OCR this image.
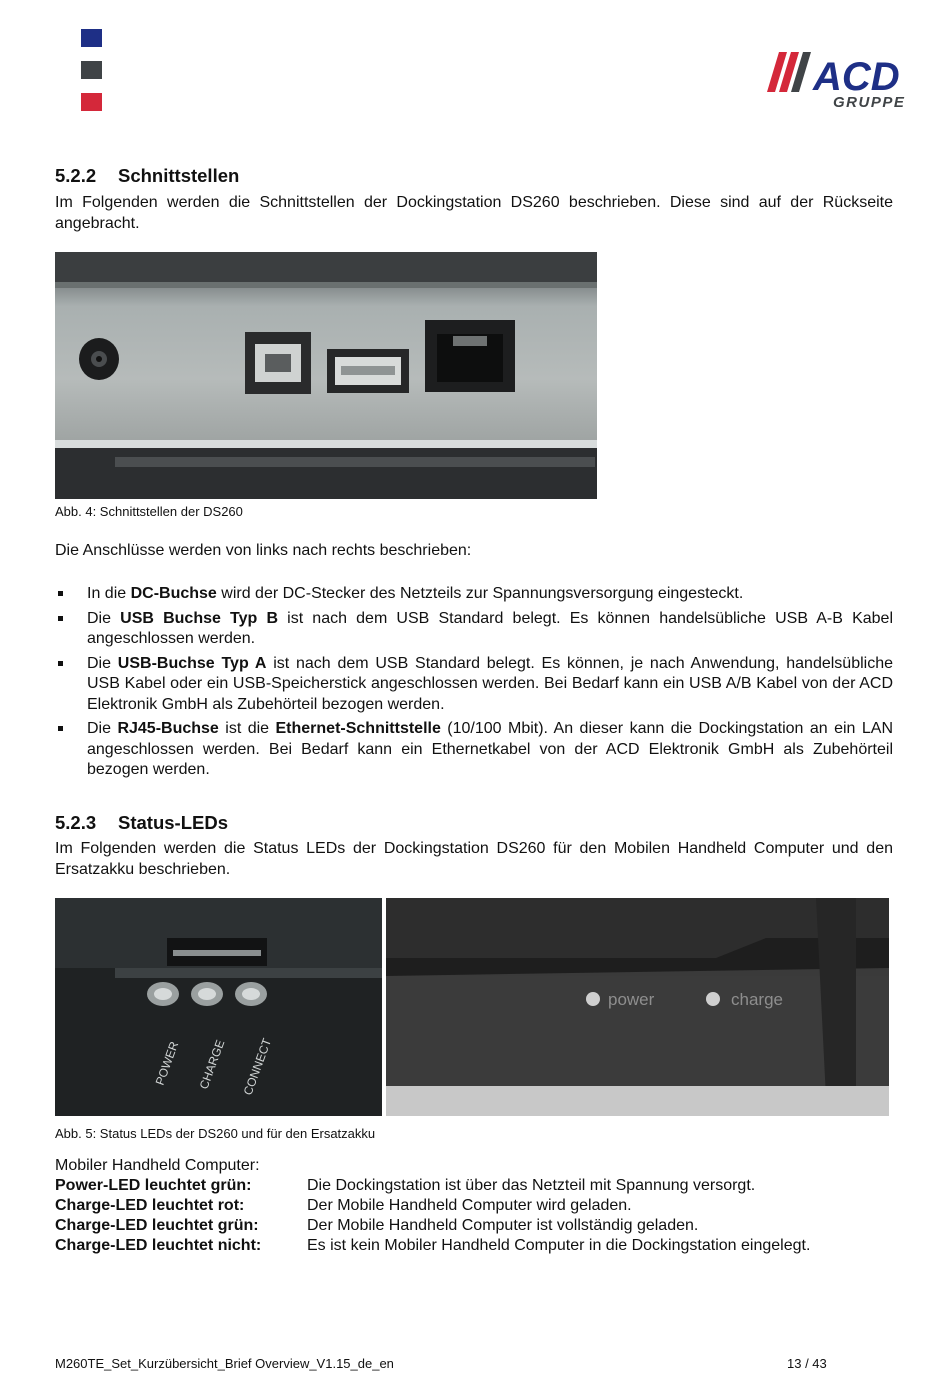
ACD
GRUPPE
5.2.2 Schnittstellen
Im Folgenden werden die Schnittstellen der Dockingstation DS260 beschrieben. Diese sind auf der Rückseite angebracht.
Abb. 4: Schnittstellen der DS260
Die Anschlüsse werden von links nach rechts beschrieben:
In die DC-Buchse wird der DC-Stecker des Netzteils zur Spannungsversorgung eingesteckt.
Die USB Buchse Typ B ist nach dem USB Standard belegt. Es können handelsübliche USB A-B Kabel angeschlossen werden.
Die USB-Buchse Typ A ist nach dem USB Standard belegt. Es können, je nach Anwendung, handelsübliche USB Kabel oder ein USB-Speicherstick angeschlossen werden. Bei Bedarf kann ein USB A/B Kabel von der ACD Elektronik GmbH als Zubehörteil bezogen werden.
Die RJ45-Buchse ist die Ethernet-Schnittstelle (10/100 Mbit). An dieser kann die Dockingstation an ein LAN angeschlossen werden. Bei Bedarf kann ein Ethernetkabel von der ACD Elektronik GmbH als Zubehörteil bezogen werden.
5.2.3 Status-LEDs
Im Folgenden werden die Status LEDs der Dockingstation DS260 für den Mobilen Handheld Computer und den Ersatzakku beschrieben.
POWER CHARGE CONNECT
power	charge
Abb. 5: Status LEDs der DS260 und für den Ersatzakku
Mobiler Handheld Computer:
Power-LED leuchtet grün:	Die Dockingstation ist über das Netzteil mit Spannung versorgt.
Charge-LED leuchtet rot:	Der Mobile Handheld Computer wird geladen.
Charge-LED leuchtet grün:	Der Mobile Handheld Computer ist vollständig geladen.
Charge-LED leuchtet nicht:	Es ist kein Mobiler Handheld Computer in die Dockingstation eingelegt.
M260TE_Set_Kurzübersicht_Brief Overview_V1.15_de_en	13 / 43
